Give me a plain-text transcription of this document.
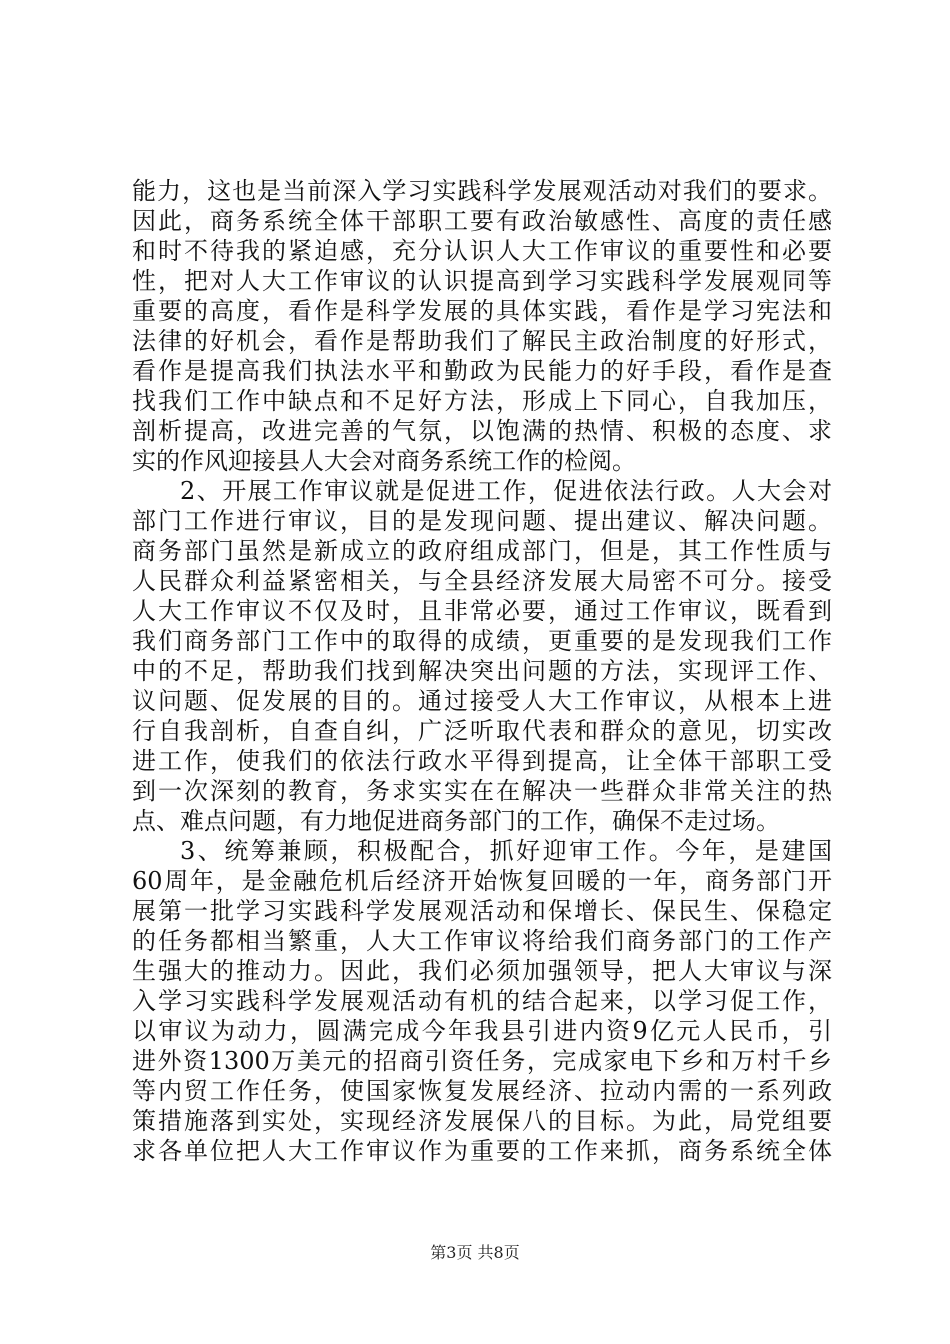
能力，这也是当前深入学习实践科学发展观活动对我们的要求。
因此，商务系统全体干部职工要有政治敏感性、高度的责任感
和时不待我的紧迫感，充分认识人大工作审议的重要性和必要
性，把对人大工作审议的认识提高到学习实践科学发展观同等
重要的高度，看作是科学发展的具体实践，看作是学习宪法和
法律的好机会，看作是帮助我们了解民主政治制度的好形式，
看作是提高我们执法水平和勤政为民能力的好手段，看作是查
找我们工作中缺点和不足好方法，形成上下同心，自我加压，
剖析提高，改进完善的气氛，以饱满的热情、积极的态度、求
实的作风迎接县人大会对商务系统工作的检阅。
2、开展工作审议就是促进工作，促进依法行政。人大会对
部门工作进行审议，目的是发现问题、提出建议、解决问题。
商务部门虽然是新成立的政府组成部门，但是，其工作性质与
人民群众利益紧密相关，与全县经济发展大局密不可分。接受
人大工作审议不仅及时，且非常必要，通过工作审议，既看到
我们商务部门工作中的取得的成绩，更重要的是发现我们工作
中的不足，帮助我们找到解决突出问题的方法，实现评工作、
议问题、促发展的目的。通过接受人大工作审议，从根本上进
行自我剖析，自查自纠，广泛听取代表和群众的意见，切实改
进工作，使我们的依法行政水平得到提高，让全体干部职工受
到一次深刻的教育，务求实实在在解决一些群众非常关注的热
点、难点问题，有力地促进商务部门的工作，确保不走过场。
3、统筹兼顾，积极配合，抓好迎审工作。今年，是建国
60周年，是金融危机后经济开始恢复回暖的一年，商务部门开
展第一批学习实践科学发展观活动和保增长、保民生、保稳定
的任务都相当繁重，人大工作审议将给我们商务部门的工作产
生强大的推动力。因此，我们必须加强领导，把人大审议与深
入学习实践科学发展观活动有机的结合起来，以学习促工作，
以审议为动力，圆满完成今年我县引进内资9亿元人民币，引
进外资1300万美元的招商引资任务，完成家电下乡和万村千乡
等内贸工作任务，使国家恢复发展经济、拉动内需的一系列政
策措施落到实处，实现经济发展保八的目标。为此，局党组要
求各单位把人大工作审议作为重要的工作来抓，商务系统全体
第3页 共8页
